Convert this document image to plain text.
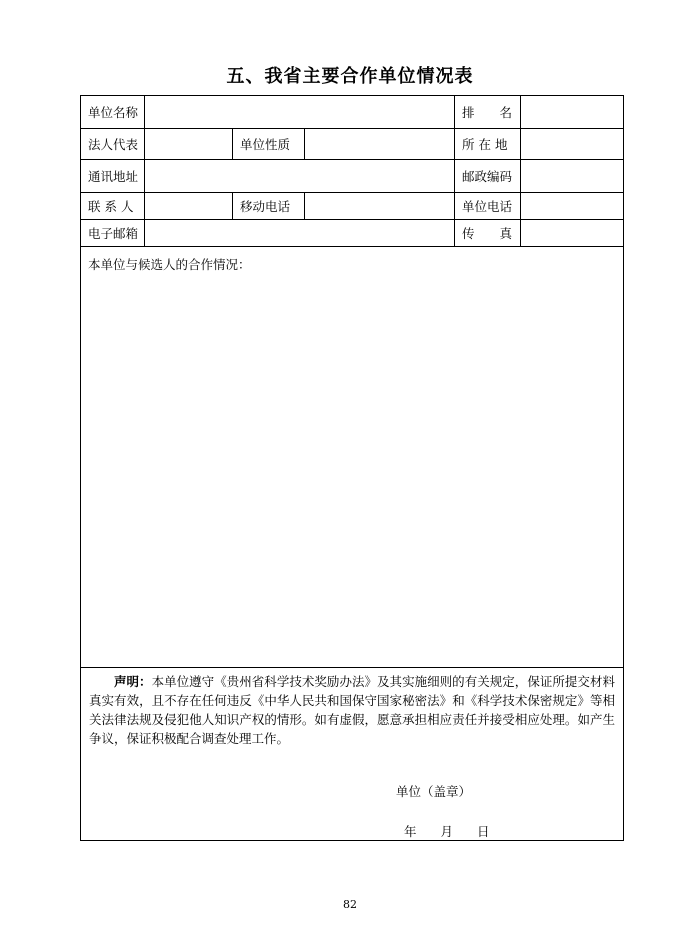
五、我省主要合作单位情况表
单位名称				排　　名	
法人代表		单位性质		所 在 地	
通讯地址				邮政编码	
联 系 人		移动电话		单位电话	
电子邮箱				传　　真	
本单位与候选人的合作情况：					

声明：本单位遵守《贵州省科学技术奖励办法》及其实施细则的有关规定，保证所提交材料真实有效，且不存在任何违反《中华人民共和国保守国家秘密法》和《科学技术保密规定》等相关法律法规及侵犯他人知识产权的情形。如有虚假，愿意承担相应责任并接受相应处理。如产生争议，保证积极配合调查处理工作。
单位（盖章）
年 月 日					
82
